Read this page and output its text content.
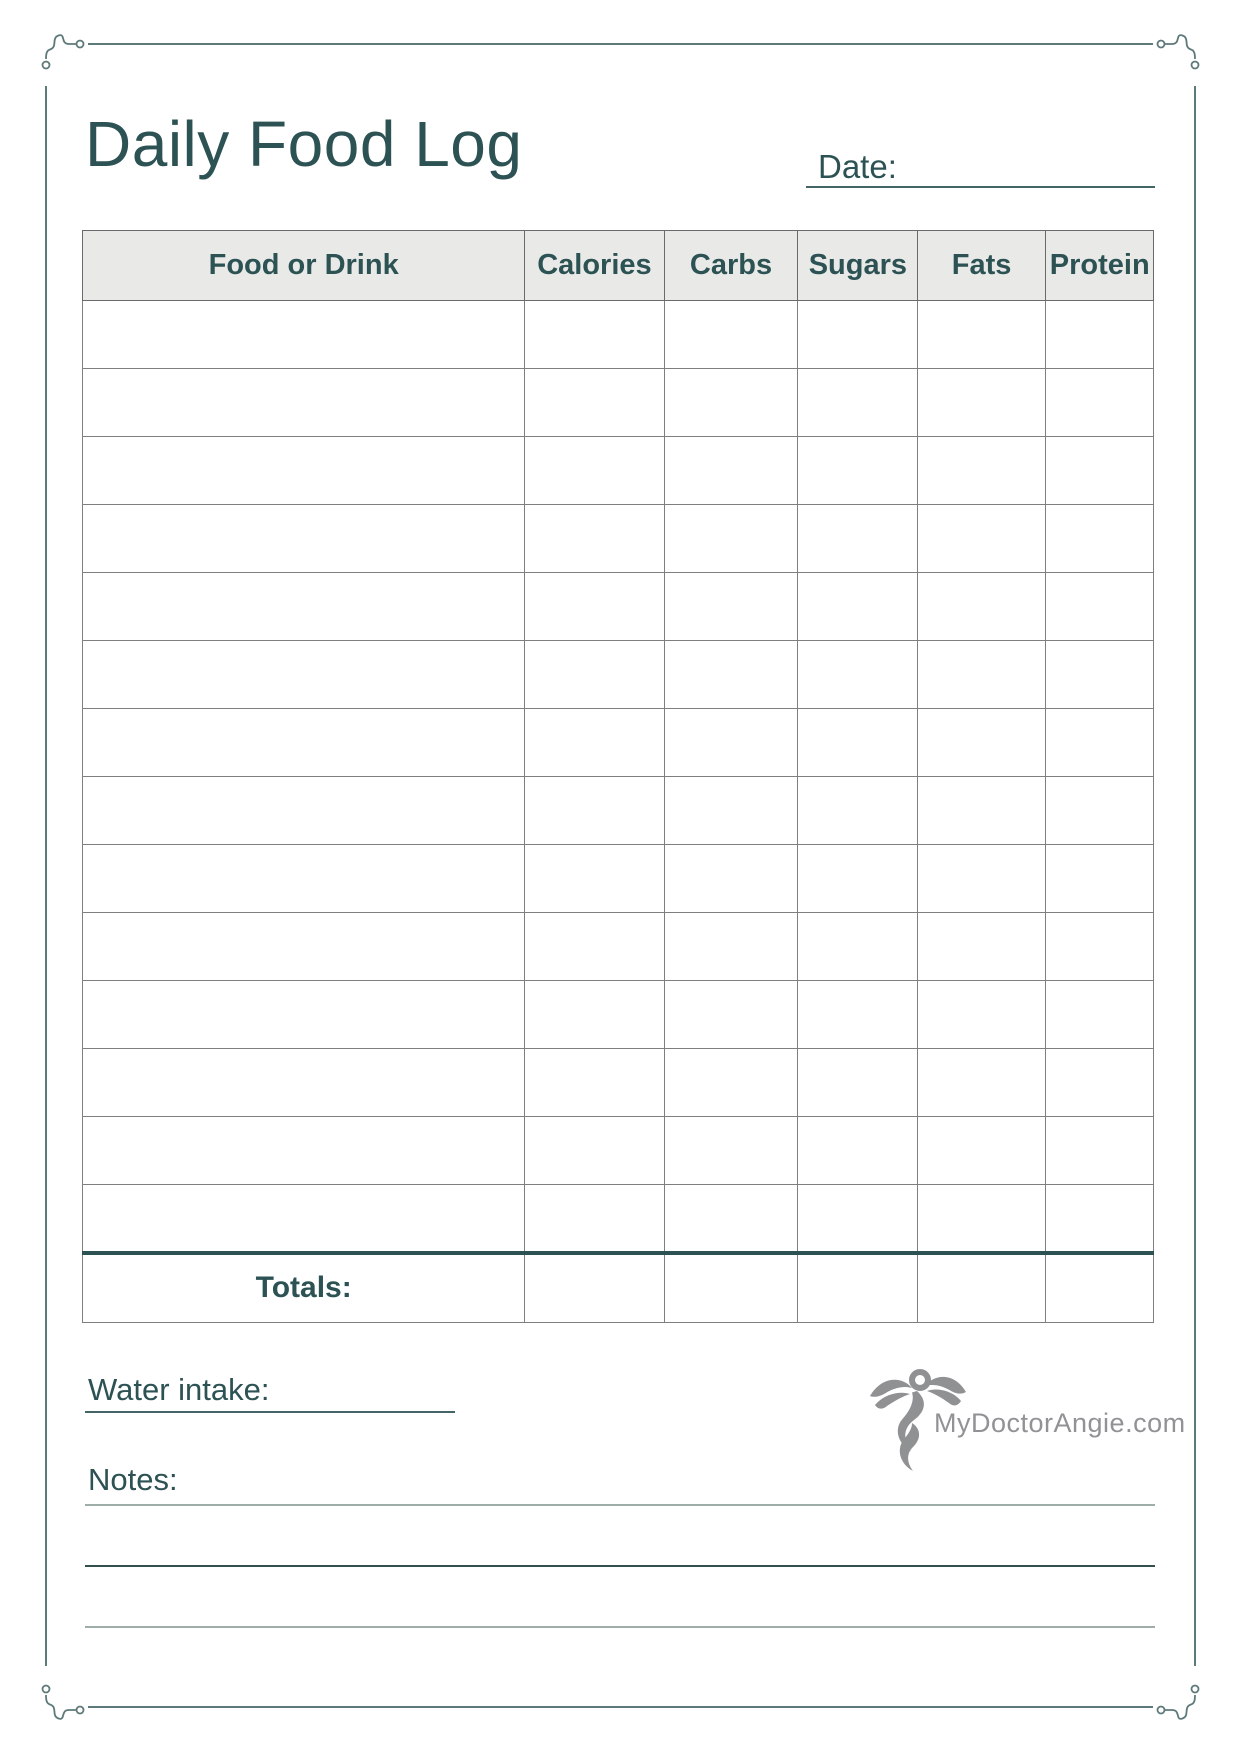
Daily Food Log	Date:
Food or Drink	Calories	Carbs	Sugars	Fats	Protein

Totals:					
Water intake:
MyDoctorAngie.com
Notes:
